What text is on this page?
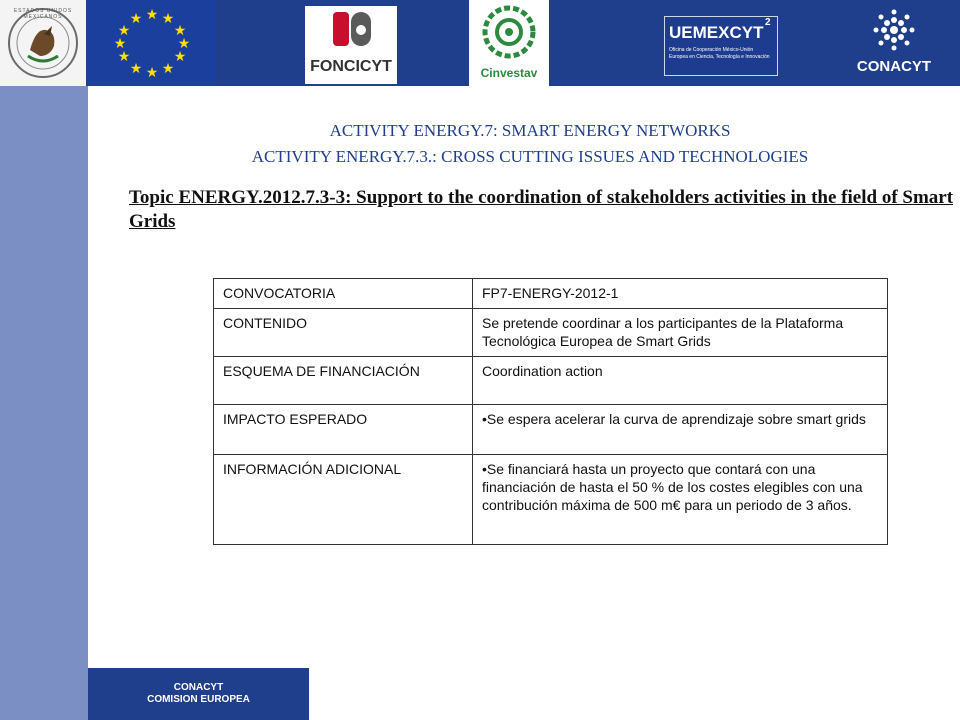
ESTADOS UNIDOS MEXICANOS	★ ★
★
★
★
★
★
★
★
★
★
★
FONCICYT	Cinvestav
UEMEXCYT
2
Oficina de Cooperación México-Unión Europea en Ciencia, Tecnología e Innovación
CONACYT
ACTIVITY ENERGY.7: SMART ENERGY NETWORKS
ACTIVITY ENERGY.7.3.: CROSS CUTTING ISSUES AND TECHNOLOGIES
Topic ENERGY.2012.7.3-3: Support to the coordination of stakeholders activities in the field of Smart Grids
CONVOCATORIA	FP7-ENERGY-2012-1
CONTENIDO	Se pretende coordinar a los participantes de la Plataforma Tecnológica Europea de Smart Grids
ESQUEMA DE FINANCIACIÓN	Coordination action
IMPACTO ESPERADO	• Se espera acelerar la curva de aprendizaje sobre smart grids
INFORMACIÓN ADICIONAL	• Se financiará hasta un proyecto que contará con una financiación de hasta el 50 % de los costes elegibles con una contribución máxima de 500 m€ para un periodo de 3 años.
CONACYT
COMISION EUROPEA
